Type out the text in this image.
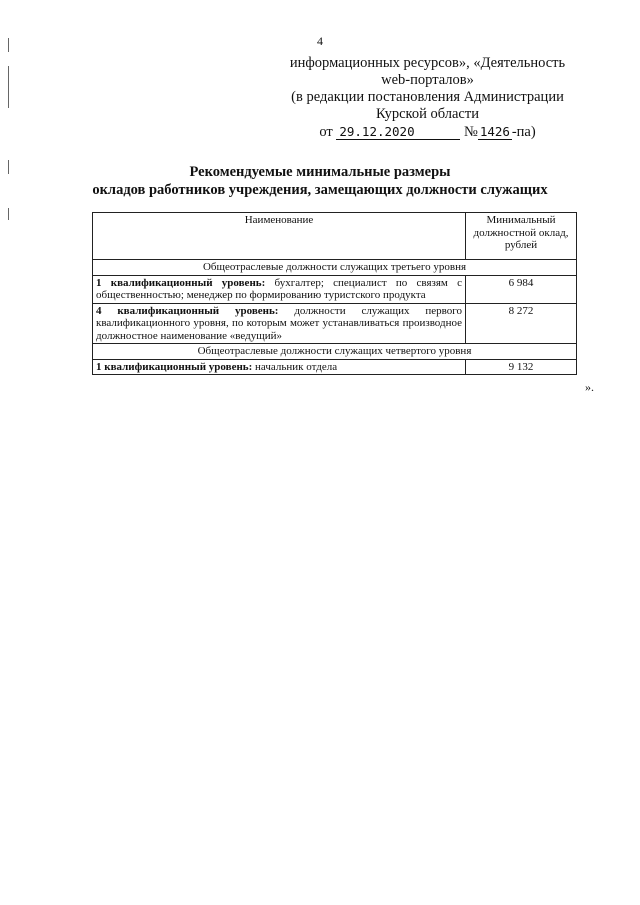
4
информационных ресурсов», «Деятельность
web-порталов»
(в редакции постановления Администрации
Курской области
от 29.12.2020	№ 1426 -па)
Рекомендуемые минимальные размеры
окладов работников учреждения, замещающих должности служащих
Наименование	Минимальный должностной оклад, рублей
Общеотраслевые должности служащих третьего уровня	
1 квалификационный уровень: бухгалтер; специалист по связям с общественностью; менеджер по формированию туристского продукта	6 984
4 квалификационный уровень: должности служащих первого квалификационного уровня, по которым может устанавливаться производное должностное наименование «ведущий»	8 272
Общеотраслевые должности служащих четвертого уровня	
1 квалификационный уровень: начальник отдела	9 132
».
